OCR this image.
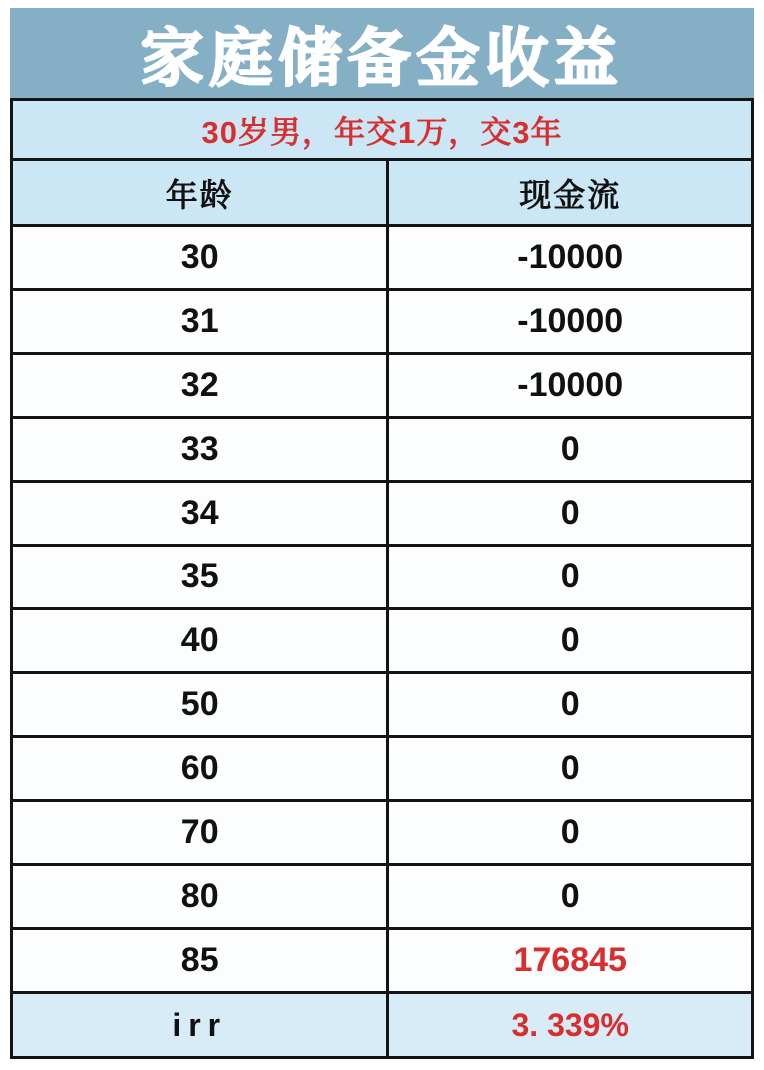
家庭储备金收益
30岁男，年交1万，交3年	
年龄	现金流
30	-10000
31	-10000
32	-10000
33	0
34	0
35	0
40	0
50	0
60	0
70	0
80	0
85	176845
irr	3. 339%
